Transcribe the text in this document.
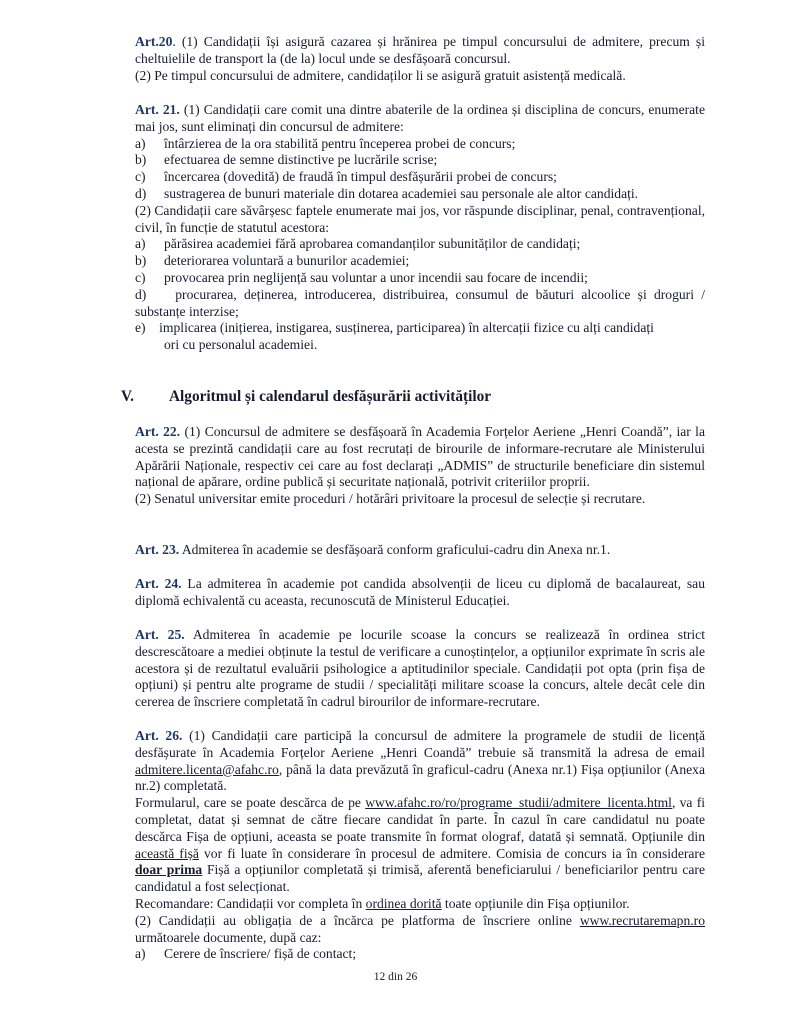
Art.20. (1) Candidații își asigură cazarea și hrănirea pe timpul concursului de admitere, precum și cheltuielile de transport la (de la) locul unde se desfășoară concursul.

(2) Pe timpul concursului de admitere, candidaților li se asigură gratuit asistență medicală.

Art. 21. (1) Candidații care comit una dintre abaterile de la ordinea și disciplina de concurs, enumerate mai jos, sunt eliminați din concursul de admitere:

a)	întârzierea de la ora stabilită pentru începerea probei de concurs;
b)	efectuarea de semne distinctive pe lucrările scrise;
c)	încercarea (dovedită) de fraudă în timpul desfășurării probei de concurs;
d)	sustragerea de bunuri materiale din dotarea academiei sau personale ale altor candidați.

(2) Candidații care săvârșesc faptele enumerate mai jos, vor răspunde disciplinar, penal, contravențional, civil, în funcție de statutul acestora:

a)	părăsirea academiei fără aprobarea comandanților subunităților de candidați;
b)	deteriorarea voluntară a bunurilor academiei;
c)	provocarea prin neglijență sau voluntar a unor incendii sau focare de incendii;

d)    procurarea, deținerea, introducerea, distribuirea, consumul de băuturi alcoolice și droguri / substanțe interzise;

e)    implicarea (inițierea, instigarea, susținerea, participarea) în altercații fizice cu alți candidați

ori cu personalul academiei.

V. Algoritmul și calendarul desfășurării activităților

Art. 22. (1) Concursul de admitere se desfășoară în Academia Forțelor Aeriene „Henri Coandă”, iar la acesta se prezintă candidații care au fost recrutați de birourile de informare-recrutare ale Ministerului Apărării Naționale, respectiv cei care au fost declarați „ADMIS” de structurile beneficiare din sistemul național de apărare, ordine publică și securitate națională, potrivit criteriilor proprii.

(2) Senatul universitar emite proceduri / hotărâri privitoare la procesul de selecție și recrutare.

Art. 23. Admiterea în academie se desfășoară conform graficului-cadru din Anexa nr.1.

Art. 24. La admiterea în academie pot candida absolvenții de liceu cu diplomă de bacalaureat, sau diplomă echivalentă cu aceasta, recunoscută de Ministerul Educației.

Art. 25. Admiterea în academie pe locurile scoase la concurs se realizează în ordinea strict descrescătoare a mediei obținute la testul de verificare a cunoștințelor, a opțiunilor exprimate în scris ale acestora și de rezultatul evaluării psihologice a aptitudinilor speciale. Candidații pot opta (prin fișa de opțiuni) și pentru alte programe de studii / specialități militare scoase la concurs, altele decât cele din cererea de înscriere completată în cadrul birourilor de informare-recrutare.

Art. 26. (1) Candidații care participă la concursul de admitere la programele de studii de licență desfășurate în Academia Forțelor Aeriene „Henri Coandă” trebuie să transmită la adresa de email admitere.licenta@afahc.ro, până la data prevăzută în graficul-cadru (Anexa nr.1) Fișa opțiunilor (Anexa nr.2) completată.

Formularul, care se poate descărca de pe www.afahc.ro/ro/programe_studii/admitere_licenta.html, va fi completat, datat și semnat de către fiecare candidat în parte. În cazul în care candidatul nu poate descărca Fișa de opțiuni, aceasta se poate transmite în format olograf, datată și semnată. Opțiunile din această fișă vor fi luate în considerare în procesul de admitere. Comisia de concurs ia în considerare doar prima Fișă a opțiunilor completată și trimisă, aferentă beneficiarului / beneficiarilor pentru care candidatul a fost selecționat.

Recomandare: Candidații vor completa în ordinea dorită toate opțiunile din Fișa opțiunilor.

(2) Candidații au obligația de a încărca pe platforma de înscriere online www.recrutaremapn.ro următoarele documente, după caz:

a)	Cerere de înscriere/ fișă de contact;
12 din 26
